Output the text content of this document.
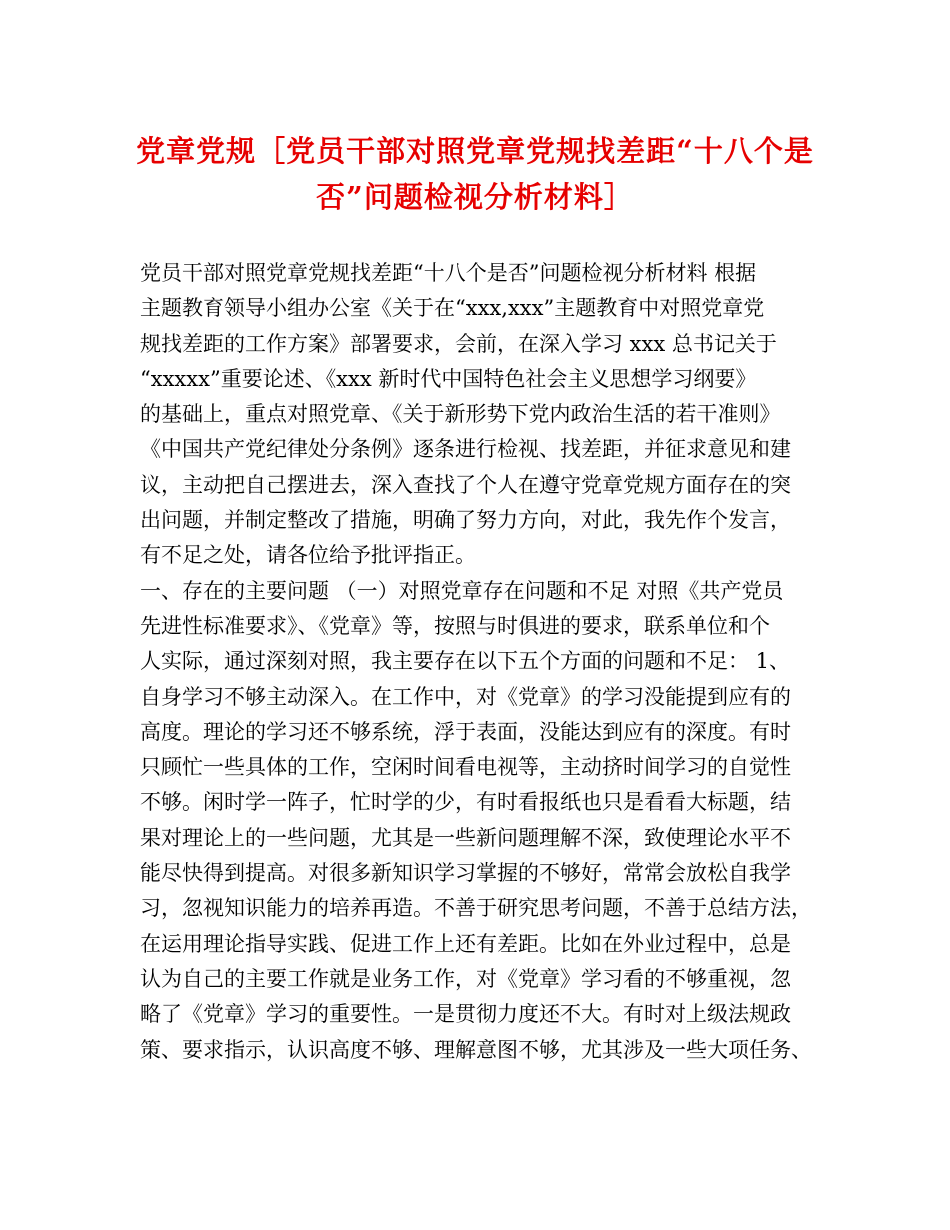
党章党规［党员干部对照党章党规找差距“十八个是
否”问题检视分析材料］
党员干部对照党章党规找差距“十八个是否”问题检视分析材料 根据
主题教育领导小组办公室《关于在“xxx,xxx”主题教育中对照党章党
规找差距的工作方案》部署要求，会前，在深入学习 xxx 总书记关于
“xxxxx”重要论述、《xxx 新时代中国特色社会主义思想学习纲要》
的基础上，重点对照党章、《关于新形势下党内政治生活的若干准则》
《中国共产党纪律处分条例》逐条进行检视、找差距，并征求意见和建
议，主动把自己摆进去，深入查找了个人在遵守党章党规方面存在的突
出问题，并制定整改了措施，明确了努力方向，对此，我先作个发言，
有不足之处，请各位给予批评指正。
一、存在的主要问题 （一）对照党章存在问题和不足 对照《共产党员
先进性标准要求》、《党章》等，按照与时俱进的要求，联系单位和个
人实际，通过深刻对照，我主要存在以下五个方面的问题和不足： 1、
自身学习不够主动深入。在工作中，对《党章》的学习没能提到应有的
高度。理论的学习还不够系统，浮于表面，没能达到应有的深度。有时
只顾忙一些具体的工作，空闲时间看电视等，主动挤时间学习的自觉性
不够。闲时学一阵子，忙时学的少，有时看报纸也只是看看大标题，结
果对理论上的一些问题，尤其是一些新问题理解不深，致使理论水平不
能尽快得到提高。对很多新知识学习掌握的不够好，常常会放松自我学
习，忽视知识能力的培养再造。不善于研究思考问题，不善于总结方法，
在运用理论指导实践、促进工作上还有差距。比如在外业过程中，总是
认为自己的主要工作就是业务工作，对《党章》学习看的不够重视，忽
略了《党章》学习的重要性。一是贯彻力度还不大。有时对上级法规政
策、要求指示，认识高度不够、理解意图不够，尤其涉及一些大项任务、
